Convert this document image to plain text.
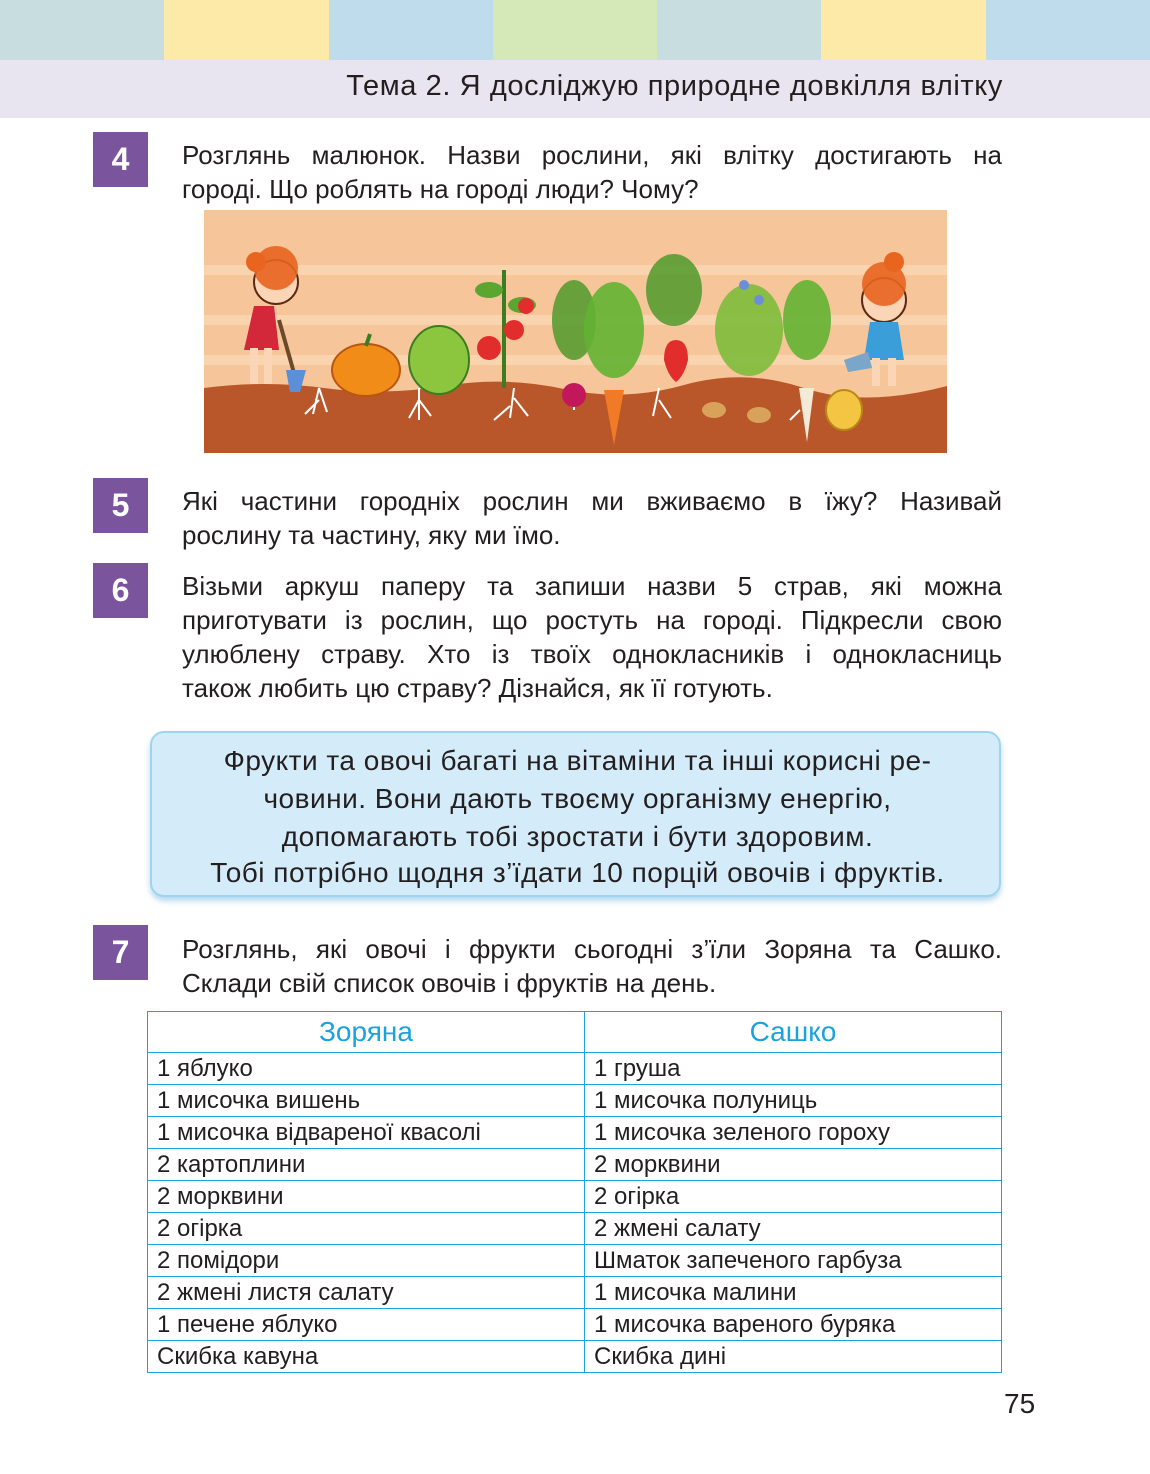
Тема 2. Я досліджую природне довкілля влітку
4	Розглянь малюнок. Назви рослини, які влітку достигають на

городі. Що роблять на городі люди? Чому?

5	Які частини городніх рослин ми вживаємо в їжу? Називай

рослину та частину, яку ми їмо.

6	Візьми аркуш паперу та запиши назви 5 страв, які можна

приготувати із рослин, що ростуть на городі. Підкресли свою

улюблену страву. Хто із твоїх однокласників і однокласниць

також любить цю страву? Дізнайся, як її готують.

Фрукти та овочі багаті на вітаміни та інші корисні ре-
човини. Вони дають твоєму організму енергію,
допомагають тобі зростати і бути здоровим.
Тобі потрібно щодня з’їдати 10 порцій овочів і фруктів.
7	Розглянь, які овочі і фрукти сьогодні з’їли Зоряна та Сашко.

Склади свій список овочів і фруктів на день.

Зоряна	Сашко
1 яблуко	1 груша
1 мисочка вишень	1 мисочка полуниць
1 мисочка відвареної квасолі	1 мисочка зеленого гороху
2 картоплини	2 морквини
2 морквини	2 огірка
2 огірка	2 жмені салату
2 помідори	Шматок запеченого гарбуза
2 жмені листя салату	1 мисочка малини
1 печене яблуко	1 мисочка вареного буряка
Скибка кавуна	Скибка дині
75
